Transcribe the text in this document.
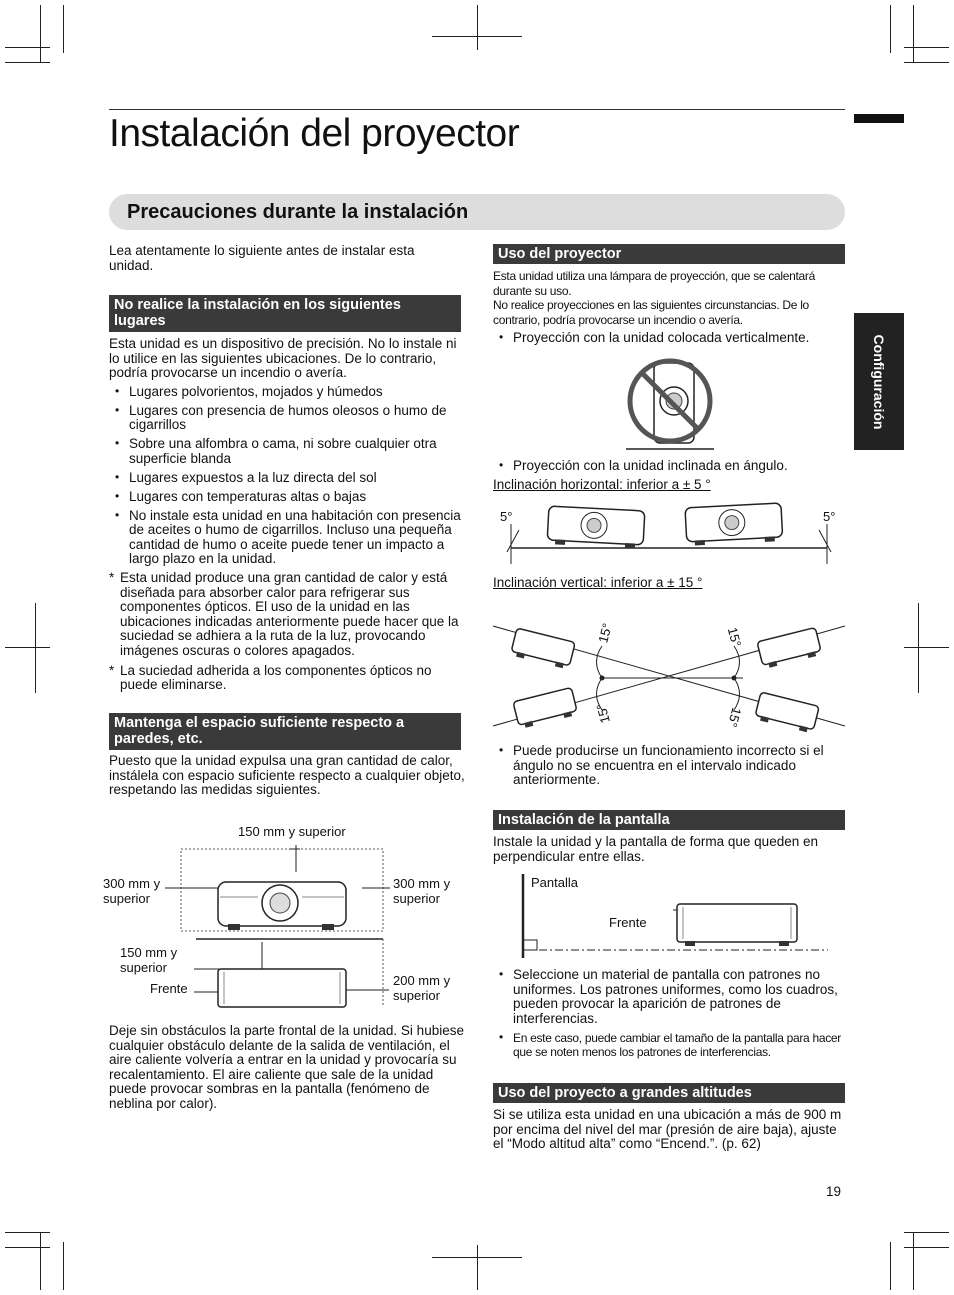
Instalación del proyector
Precauciones durante la instalación
Configuración
Lea atentamente lo siguiente antes de instalar esta unidad.
No realice la instalación en los siguientes lugares
Esta unidad es un dispositivo de precisión. No lo instale ni lo utilice en las siguientes ubicaciones. De lo contrario, podría provocarse un incendio o avería.
• Lugares polvorientos, mojados y húmedos
• Lugares con presencia de humos oleosos o humo de cigarrillos
• Sobre una alfombra o cama, ni sobre cualquier otra superficie blanda
• Lugares expuestos a la luz directa del sol
• Lugares con temperaturas altas o bajas
• No instale esta unidad en una habitación con presencia de aceites o humo de cigarrillos. Incluso una pequeña cantidad de humo o aceite puede tener un impacto a largo plazo en la unidad.
* Esta unidad produce una gran cantidad de calor y está diseñada para absorber calor para refrigerar sus componentes ópticos. El uso de la unidad en las ubicaciones indicadas anteriormente puede hacer que la suciedad se adhiera a la ruta de la luz, provocando imágenes oscuras o colores apagados.
* La suciedad adherida a los componentes ópticos no puede eliminarse.
Mantenga el espacio suficiente respecto a paredes, etc.
Puesto que la unidad expulsa una gran cantidad de calor, instálela con espacio suficiente respecto a cualquier objeto, respetando las medidas siguientes.
150 mm y superior
300 mm y superior
300 mm y superior
150 mm y superior
Frente
200 mm y superior
Deje sin obstáculos la parte frontal de la unidad. Si hubiese cualquier obstáculo delante de la salida de ventilación, el aire caliente volvería a entrar en la unidad y provocaría su recalentamiento. El aire caliente que sale de la unidad puede provocar sombras en la pantalla (fenómeno de neblina por calor).
Uso del proyector
Esta unidad utiliza una lámpara de proyección, que se calentará durante su uso.
No realice proyecciones en las siguientes circunstancias. De lo contrario, podría provocarse un incendio o avería.
• Proyección con la unidad colocada verticalmente.
• Proyección con la unidad inclinada en ángulo.
Inclinación horizontal: inferior a ± 5 °
5°	5°
Inclinación vertical: inferior a ± 15 °
15°	15°
15°	15°
• Puede producirse un funcionamiento incorrecto si el ángulo no se encuentra en el intervalo indicado anteriormente.
Instalación de la pantalla
Instale la unidad y la pantalla de forma que queden en perpendicular entre ellas.
Pantalla
Frente
• Seleccione un material de pantalla con patrones no uniformes. Los patrones uniformes, como los cuadros, pueden provocar la aparición de patrones de interferencias.
• En este caso, puede cambiar el tamaño de la pantalla para hacer que se noten menos los patrones de interferencias.
Uso del proyecto a grandes altitudes
Si se utiliza esta unidad en una ubicación a más de 900 m por encima del nivel del mar (presión de aire baja), ajuste el “Modo altitud alta” como “Encend.”. (p. 62)
19
